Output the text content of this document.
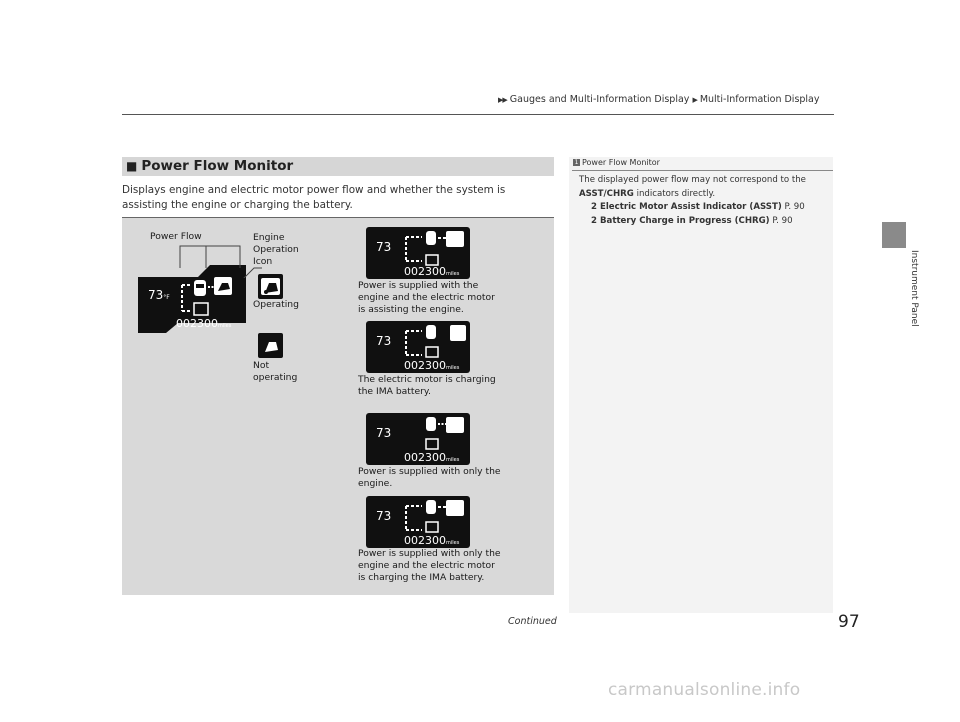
▶▶ Gauges and Multi-Information Display ▶ Multi-Information Display
Instrument Panel
■ Power Flow Monitor
Displays engine and electric motor power flow and whether the system is assisting the engine or charging the battery.
73°F
002300 miles
Power Flow	Engine
Operation
Icon
Operating
Not
operating
73
002300 miles
Power is supplied with the
engine and the electric motor
is assisting the engine.
73
002300 miles
The electric motor is charging
the IMA battery.
73
002300 miles
Power is supplied with only the
engine.
73
002300 miles
Power is supplied with only the
engine and the electric motor
is charging the IMA battery.
1 Power Flow Monitor
The displayed power flow may not correspond to the ASST/CHRG indicators directly.
2 Electric Motor Assist Indicator (ASST) P. 90
2 Battery Charge in Progress (CHRG) P. 90
Continued	97
carmanualsonline.info
